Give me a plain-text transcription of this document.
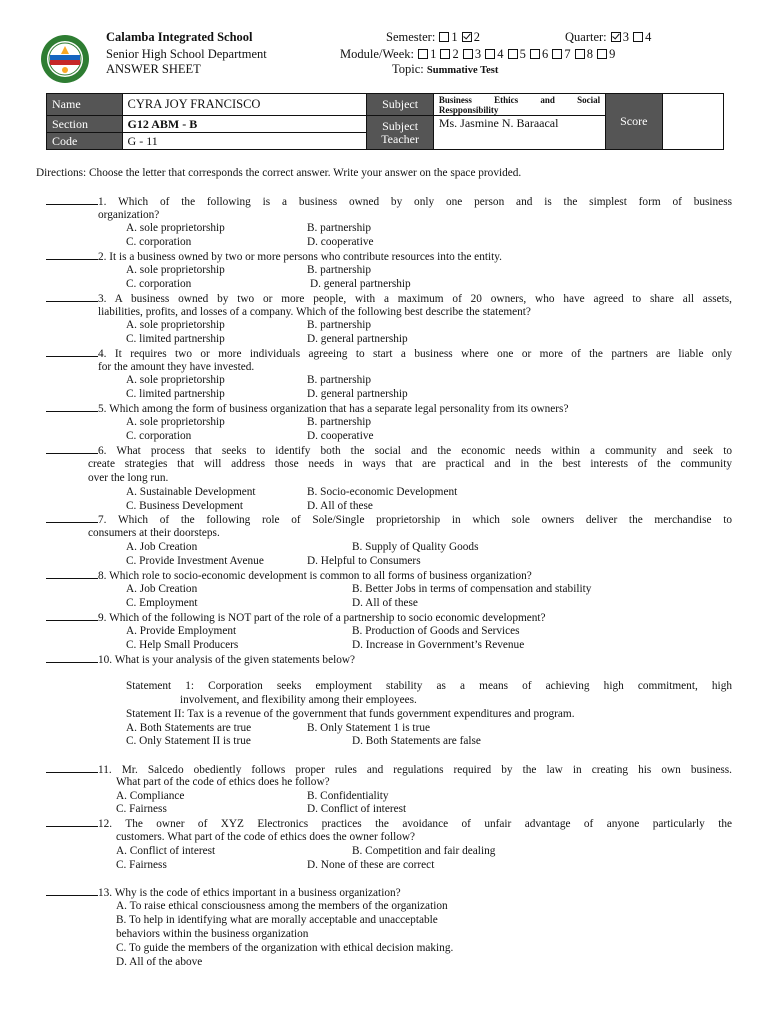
Calamba Integrated School
Senior High School Department
ANSWER SHEET
Semester: 1 2	Quarter: 3 4
Module/Week: 1 2 3 4 5 6 7 8 9
Topic: Summative Test
Name	CYRA JOY FRANCISCO	Subject	Business Ethics and Social Respponsibility	Score	
Section	G12 ABM - B	Subject Teacher	Ms. Jasmine N. Baraacal		
Code	G - 11				
Directions: Choose the letter that corresponds the correct answer. Write your answer on the space provided.
1. Which of the following is a business owned by only one person and is the simplest form of business
organization?
A. sole proprietorship	B. partnership
C. corporation	D. cooperative
2. It is a business owned by two or more persons who contribute resources into the entity.
A. sole proprietorship	B. partnership
C. corporation	D. general partnership
3. A business owned by two or more people, with a maximum of 20 owners, who have agreed to share all assets,
liabilities, profits, and losses of a company. Which of the following best describe the statement?
A. sole proprietorship	B. partnership
C. limited partnership	D. general partnership
4. It requires two or more individuals agreeing to start a business where one or more of the partners are liable only
for the amount they have invested.
A. sole proprietorship	B. partnership
C. limited partnership	D. general partnership
5. Which among the form of business organization that has a separate legal personality from its owners?
A. sole proprietorship	B. partnership
C. corporation	D. cooperative
6. What process that seeks to identify both the social and the economic needs within a community and seek to
create strategies that will address those needs in ways that are practical and in the best interests of the community
over the long run.
A. Sustainable Development	B. Socio-economic Development
C. Business Development	D. All of these
7. Which of the following role of Sole/Single proprietorship in which sole owners deliver the merchandise to
consumers at their doorsteps.
A. Job Creation	B. Supply of Quality Goods
C. Provide Investment Avenue	D. Helpful to Consumers
8. Which role to socio-economic development is common to all forms of business organization?
A. Job Creation	B. Better Jobs in terms of compensation and stability
C. Employment	D. All of these
9. Which of the following is NOT part of the role of a partnership to socio economic development?
A. Provide Employment	B. Production of Goods and Services
C. Help Small Producers	D. Increase in Government’s Revenue
10. What is your analysis of the given statements below?
Statement 1: Corporation seeks employment stability as a means of achieving high commitment, high
involvement, and flexibility among their employees.
Statement II: Tax is a revenue of the government that funds government expenditures and program.
A. Both Statements are true	B. Only Statement 1 is true
C. Only Statement II is true	D. Both Statements are false
11. Mr. Salcedo obediently follows proper rules and regulations required by the law in creating his own business.
What part of the code of ethics does he follow?
A. Compliance	B. Confidentiality
C. Fairness	D. Conflict of interest
12. The owner of XYZ Electronics practices the avoidance of unfair advantage of anyone particularly the
customers. What part of the code of ethics does the owner follow?
A. Conflict of interest	B. Competition and fair dealing
C. Fairness	D. None of these are correct
13. Why is the code of ethics important in a business organization?
A. To raise ethical consciousness among the members of the organization
B. To help in identifying what are morally acceptable and unacceptable
behaviors within the business organization
C. To guide the members of the organization with ethical decision making.
D. All of the above
